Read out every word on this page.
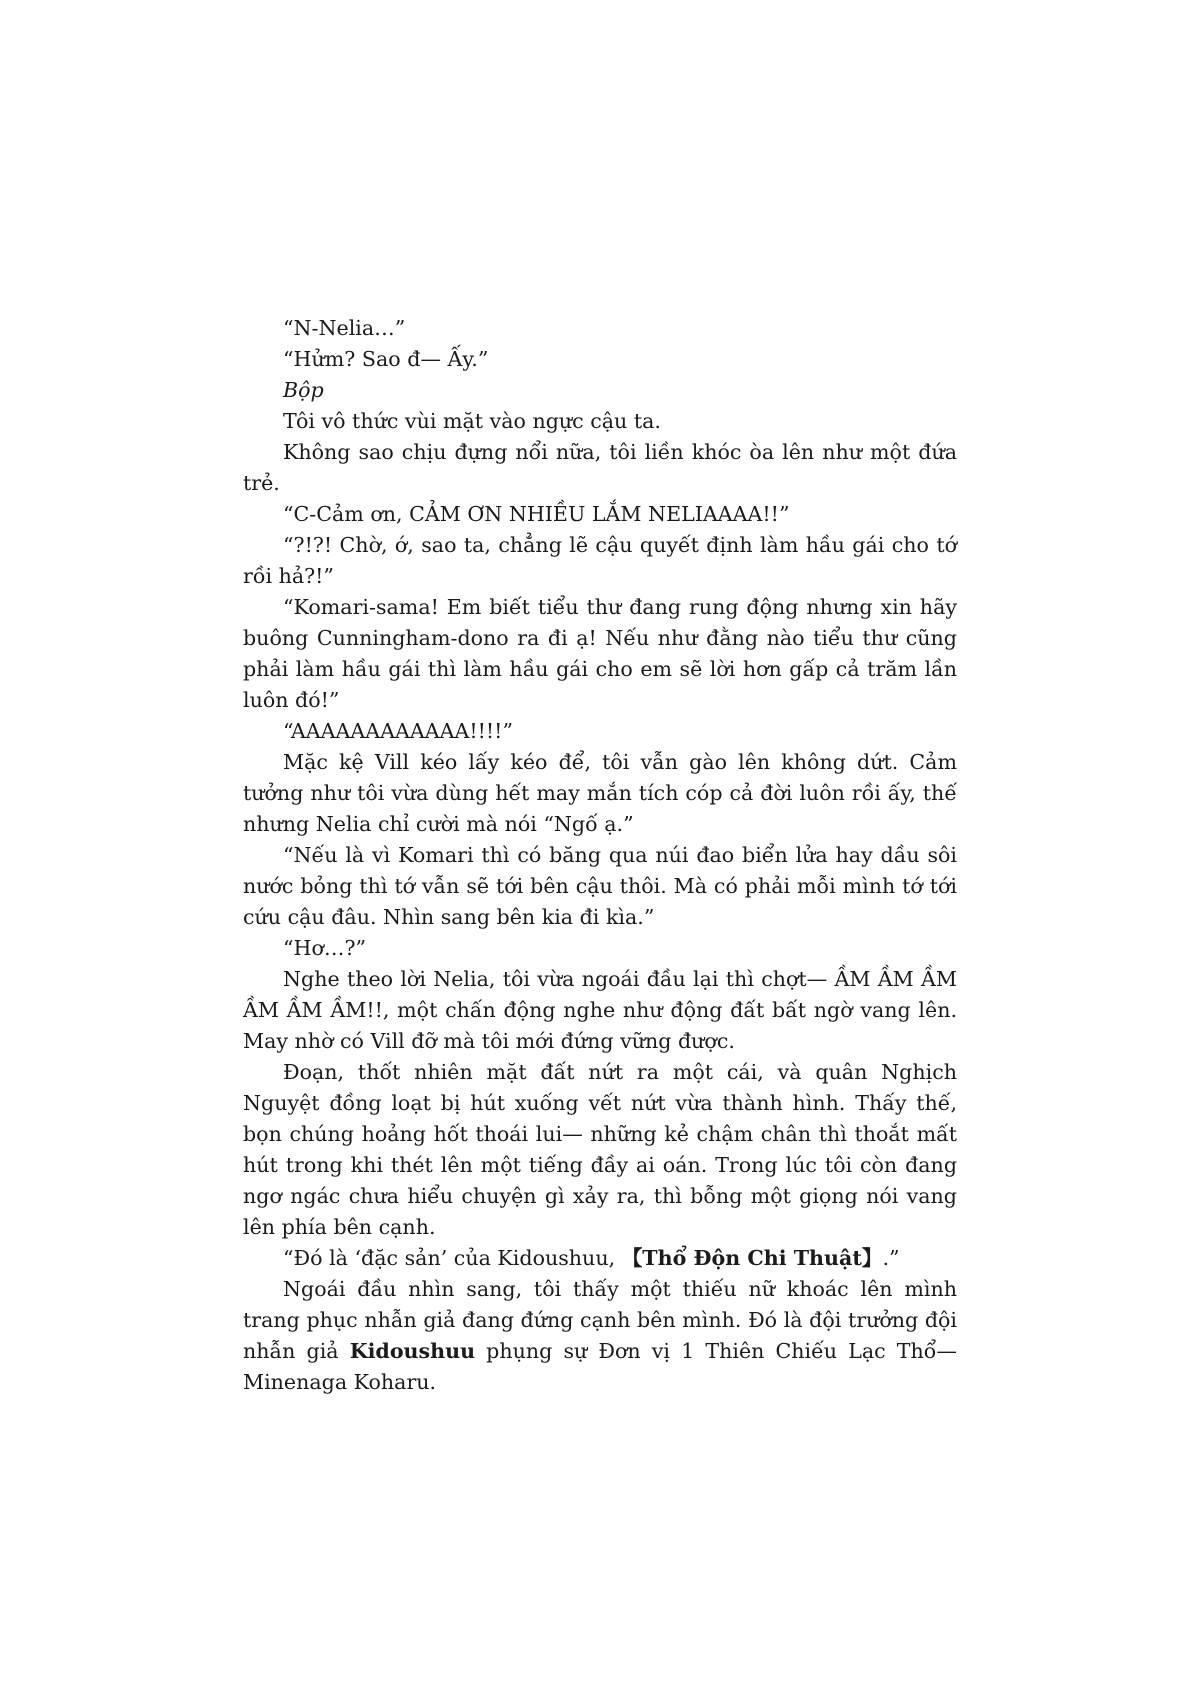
“N-Nelia…”

“Hửm? Sao đ— Ấy.”

Bộp

Tôi vô thức vùi mặt vào ngực cậu ta.

Không sao chịu đựng nổi nữa, tôi liền khóc òa lên như một đứa trẻ.

“C-Cảm ơn, CẢM ƠN NHIỀU LẮM NELIAAAA!!”

“?!?! Chờ, ớ, sao ta, chẳng lẽ cậu quyết định làm hầu gái cho tớ rồi hả?!”

“Komari-sama! Em biết tiểu thư đang rung động nhưng xin hãy buông Cunningham-dono ra đi ạ! Nếu như đằng nào tiểu thư cũng phải làm hầu gái thì làm hầu gái cho em sẽ lời hơn gấp cả trăm lần luôn đó!”

“AAAAAAAAAAAA!!!!”

Mặc kệ Vill kéo lấy kéo để, tôi vẫn gào lên không dứt. Cảm tưởng như tôi vừa dùng hết may mắn tích cóp cả đời luôn rồi ấy, thế nhưng Nelia chỉ cười mà nói “Ngố ạ.”

“Nếu là vì Komari thì có băng qua núi đao biển lửa hay dầu sôi nước bỏng thì tớ vẫn sẽ tới bên cậu thôi. Mà có phải mỗi mình tớ tới cứu cậu đâu. Nhìn sang bên kia đi kìa.”

“Hơ…?”

Nghe theo lời Nelia, tôi vừa ngoái đầu lại thì chợt— ẦM ẦM ẦM ẦM ẦM ẦM!!, một chấn động nghe như động đất bất ngờ vang lên. May nhờ có Vill đỡ mà tôi mới đứng vững được.

Đoạn, thốt nhiên mặt đất nứt ra một cái, và quân Nghịch Nguyệt đồng loạt bị hút xuống vết nứt vừa thành hình. Thấy thế, bọn chúng hoảng hốt thoái lui— những kẻ chậm chân thì thoắt mất hút trong khi thét lên một tiếng đầy ai oán. Trong lúc tôi còn đang ngơ ngác chưa hiểu chuyện gì xảy ra, thì bỗng một giọng nói vang lên phía bên cạnh.

“Đó là ‘đặc sản’ của Kidoushuu, 【Thổ Độn Chi Thuật】.”

Ngoái đầu nhìn sang, tôi thấy một thiếu nữ khoác lên mình trang phục nhẫn giả đang đứng cạnh bên mình. Đó là đội trưởng đội nhẫn giả Kidoushuu phụng sự Đơn vị 1 Thiên Chiếu Lạc Thổ— Minenaga Koharu.
